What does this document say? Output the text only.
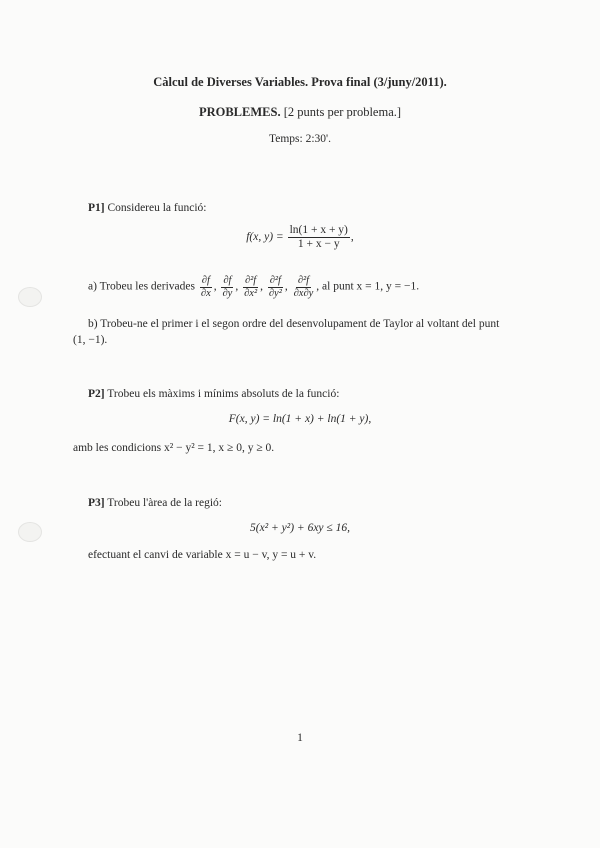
Càlcul de Diverses Variables. Prova final (3/juny/2011).
PROBLEMES. [2 punts per problema.]
Temps: 2:30'.
P1] Considereu la funció:
f(x, $y) = \frac{\ln(1 + x + y)}{1 + x - y}$ ,
a) Trobeu les derivades $\frac{\partial f}{\partial x}$ , $\frac{\partial f}{\partial y}$ , $\frac{\text{∂²f}}{\text{∂x²}}$ , $\frac{\text{∂²f}}{\text{∂y²}}$ , $\frac{\text{∂²f}}{\partial x\partial y}$ , al punt x = 1, y = −1.
b) Trobeu-ne el primer i el segon ordre del desenvolupament de Taylor al voltant del punt
(1, −1).
P2] Trobeu els màxims i mínims absoluts de la funció:
F(x, y) = ln(1 + x) + ln(1 + y),
amb les condicions x² − y² = 1, x ≥ 0, y ≥ 0.
P3] Trobeu l'àrea de la regió:
5(x² + y²) + 6xy ≤ 16,
efectuant el canvi de variable x = u − v, y = u + v.
1
